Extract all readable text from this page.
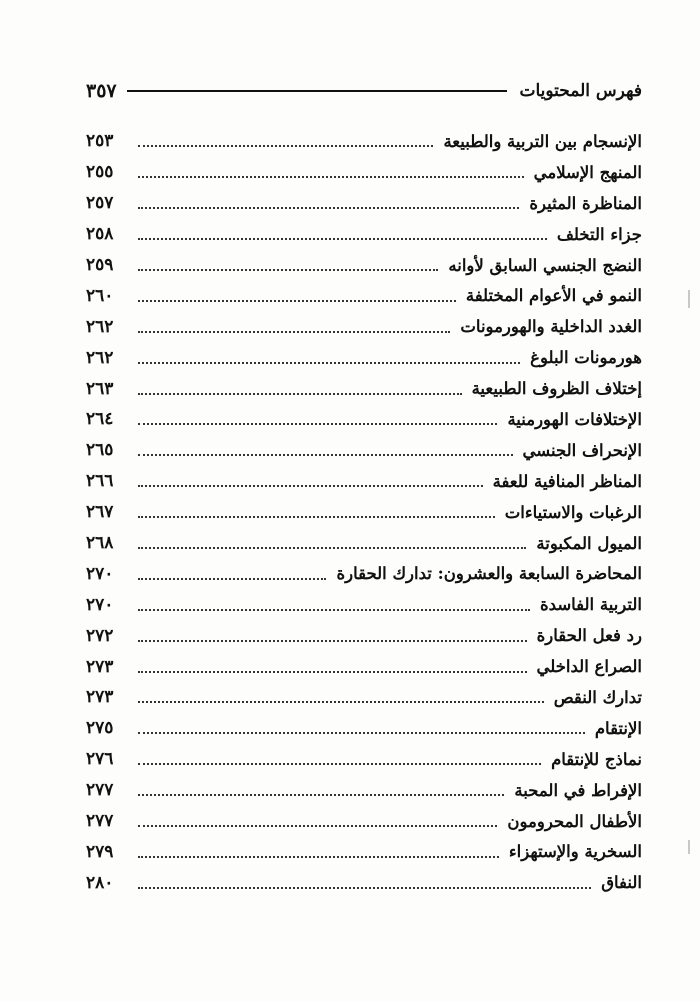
فهرس المحتويات
٣٥٧
الإنسجام بين التربية والطبيعة
٢٥٣
المنهج الإسلامي
٢٥٥
المناظرة المثيرة
٢٥٧
جزاء التخلف
٢٥٨
النضج الجنسي السابق لأوانه
٢٥٩
النمو في الأعوام المختلفة
٢٦٠
الغدد الداخلية والهورمونات
٢٦٢
هورمونات البلوغ
٢٦٢
إختلاف الظروف الطبيعية
٢٦٣
الإختلافات الهورمنية
٢٦٤
الإنحراف الجنسي
٢٦٥
المناظر المنافية للعفة
٢٦٦
الرغبات والاستياءات
٢٦٧
الميول المكبوتة
٢٦٨
المحاضرة السابعة والعشرون: تدارك الحقارة
٢٧٠
التربية الفاسدة
٢٧٠
رد فعل الحقارة
٢٧٢
الصراع الداخلي
٢٧٣
تدارك النقص
٢٧٣
الإنتقام
٢٧٥
نماذج للإنتقام
٢٧٦
الإفراط في المحبة
٢٧٧
الأطفال المحرومون
٢٧٧
السخرية والإستهزاء
٢٧٩
النفاق
٢٨٠
